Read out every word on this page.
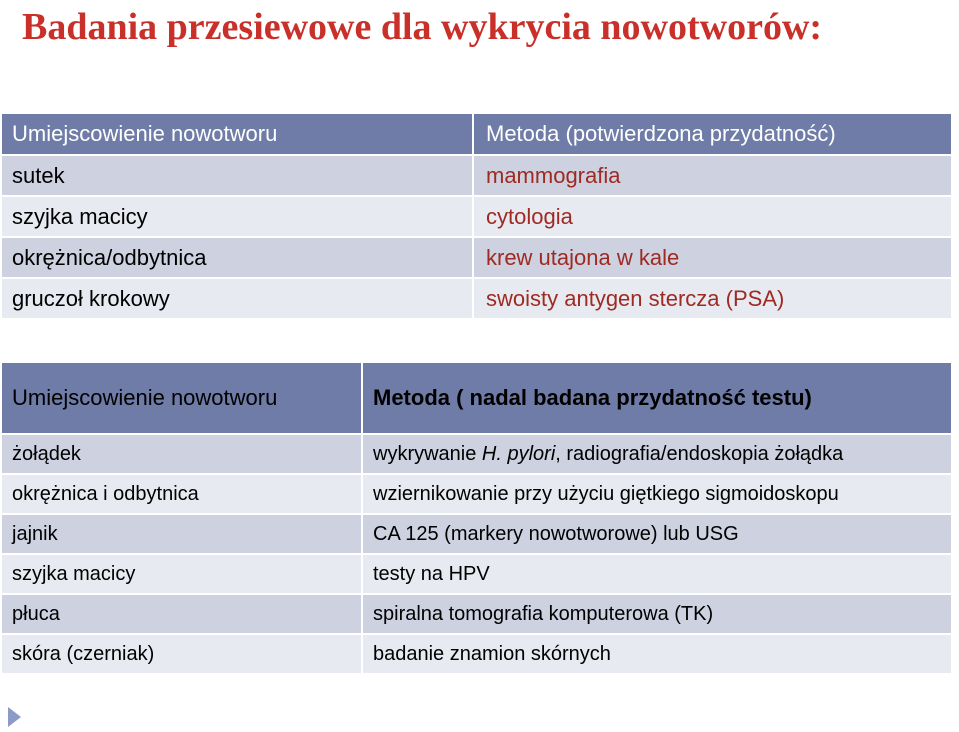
Badania przesiewowe dla wykrycia nowotworów:
Umiejscowienie nowotworu	Metoda (potwierdzona przydatność)
sutek	mammografia
szyjka macicy	cytologia
okrężnica/odbytnica	krew utajona w kale
gruczoł krokowy	swoisty antygen stercza (PSA)
Umiejscowienie nowotworu	Metoda ( nadal badana przydatność testu)
żołądek	wykrywanie H. pylori, radiografia/endoskopia żołądka
okrężnica i odbytnica	wziernikowanie przy użyciu giętkiego sigmoidoskopu
jajnik	CA 125 (markery nowotworowe) lub USG
szyjka macicy	testy na HPV
płuca	spiralna tomografia komputerowa (TK)
skóra (czerniak)	badanie znamion skórnych
